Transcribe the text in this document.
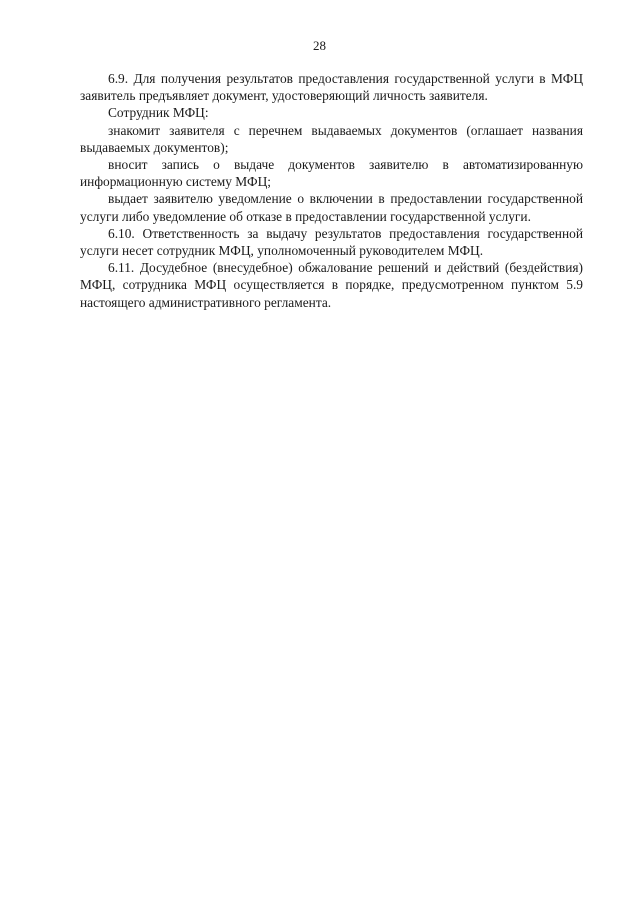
28

6.9. Для получения результатов предоставления государственной услуги в МФЦ заявитель предъявляет документ, удостоверяющий личность заявителя.

Сотрудник МФЦ:

знакомит заявителя с перечнем выдаваемых документов (оглашает названия выдаваемых документов);

вносит запись о выдаче документов заявителю в автоматизированную информационную систему МФЦ;

выдает заявителю уведомление о включении в предоставлении государственной услуги либо уведомление об отказе в предоставлении государственной услуги.

6.10. Ответственность за выдачу результатов предоставления государственной услуги несет сотрудник МФЦ, уполномоченный руководителем МФЦ.

6.11. Досудебное (внесудебное) обжалование решений и действий (бездействия) МФЦ, сотрудника МФЦ осуществляется в порядке, предусмотренном пунктом 5.9 настоящего административного регламента.
